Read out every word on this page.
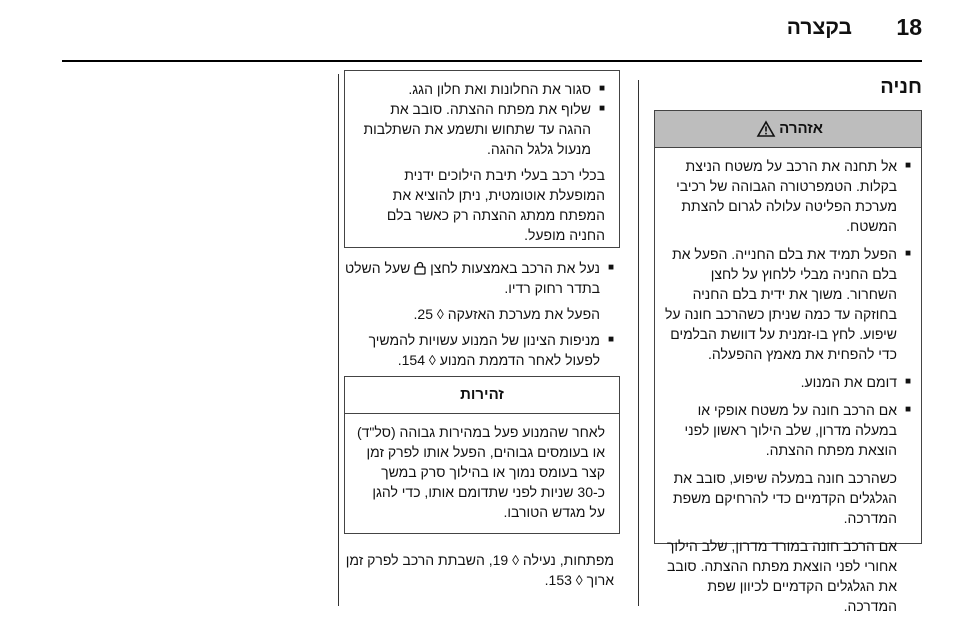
18
בקצרה
חניה
אזהרה

■
אל תחנה את הרכב על משטח הניצת בקלות. הטמפרטורה הגבוהה של רכיבי מערכת הפליטה עלולה לגרום להצתת המשטח.

■
הפעל תמיד את בלם החנייה. הפעל את בלם החניה מבלי ללחוץ על לחצן השחרור. משוך את ידית בלם החניה בחוזקה עד כמה שניתן כשהרכב חונה על שיפוע. לחץ בו-זמנית על דוושת הבלמים כדי להפחית את מאמץ ההפעלה.

■
דומם את המנוע.

■
אם הרכב חונה על משטח אופקי או במעלה מדרון, שלב הילוך ראשון לפני הוצאת מפתח ההצתה.

כשהרכב חונה במעלה שיפוע, סובב את הגלגלים הקדמיים כדי להרחיקם משפת המדרכה.

אם הרכב חונה במורד מדרון, שלב הילוך אחורי לפני הוצאת מפתח ההצתה. סובב את הגלגלים הקדמיים לכיוון שפת המדרכה.

■
סגור את החלונות ואת חלון הגג.

■
שלוף את מפתח ההצתה. סובב את ההגה עד שתחוש ותשמע את השתלבות מנעול גלגל ההגה.

בכלי רכב בעלי תיבת הילוכים ידנית המופעלת אוטומטית, ניתן להוציא את המפתח ממתג ההצתה רק כאשר בלם החניה מופעל.

■
נעל את הרכב באמצעות לחצן  שעל השלט בתדר רחוק רדיו.

הפעל את מערכת האזעקה ◊ 25.

■
מניפות הצינון של המנוע עשויות להמשיך לפעול לאחר הדממת המנוע ◊ 154.

זהירות
לאחר שהמנוע פעל במהירות גבוהה (סל"ד) או בעומסים גבוהים, הפעל אותו לפרק זמן קצר בעומס נמוך או בהילוך סרק במשך כ-30 שניות לפני שתדומם אותו, כדי להגן על מגדש הטורבו.
מפתחות, נעילה ◊ 19, השבתת הרכב לפרק זמן ארוך ◊ 153.
